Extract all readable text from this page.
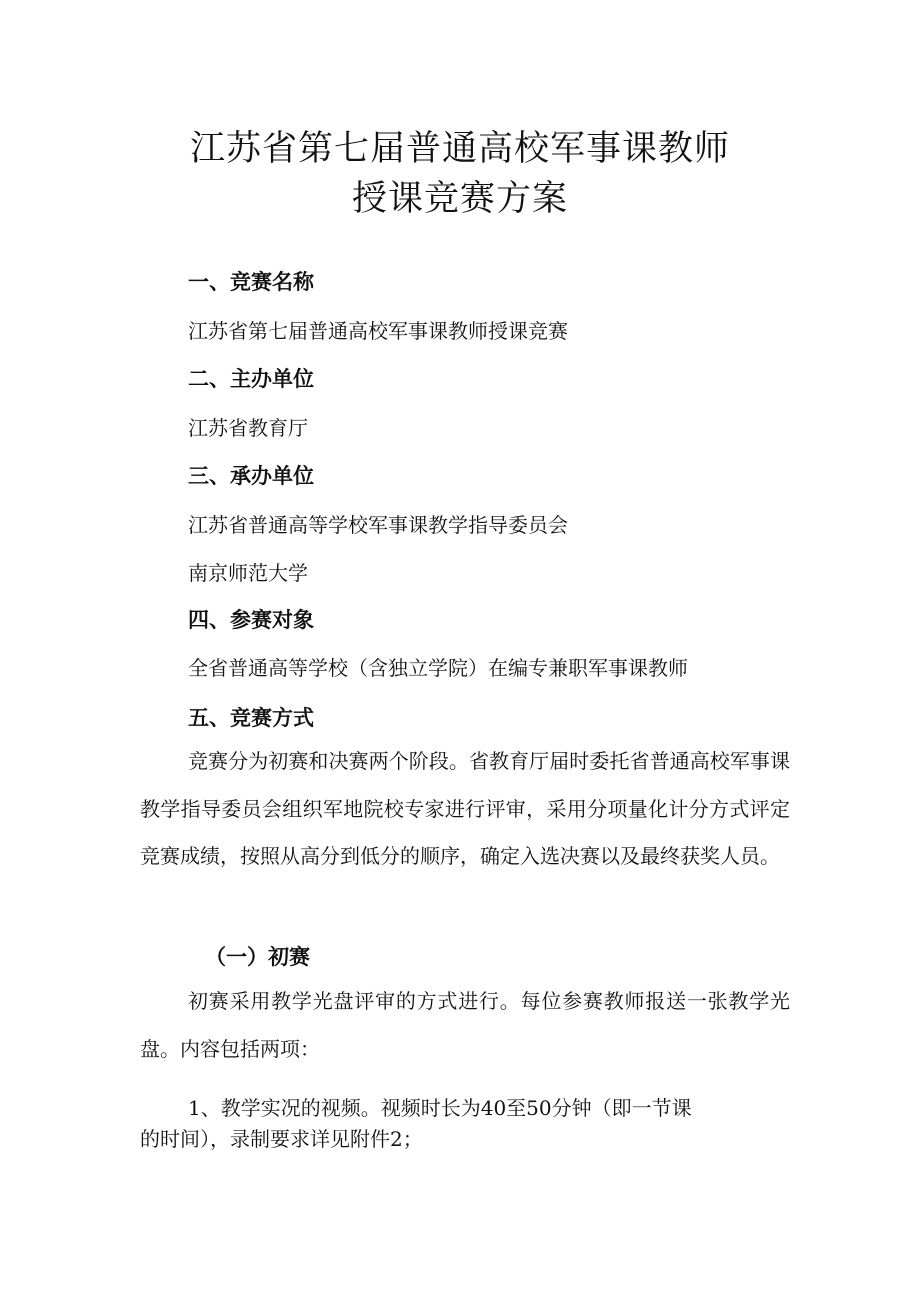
江苏省第七届普通高校军事课教师
授课竞赛方案
一、竞赛名称
江苏省第七届普通高校军事课教师授课竞赛
二、主办单位
江苏省教育厅
三、承办单位
江苏省普通高等学校军事课教学指导委员会
南京师范大学
四、参赛对象
全省普通高等学校（含独立学院）在编专兼职军事课教师
五、竞赛方式
竞赛分为初赛和决赛两个阶段。省教育厅届时委托省普通高校军事课教学指导委员会组织军地院校专家进行评审，采用分项量化计分方式评定竞赛成绩，按照从高分到低分的顺序，确定入选决赛以及最终获奖人员。
（一）初赛
初赛采用教学光盘评审的方式进行。每位参赛教师报送一张教学光盘。内容包括两项：
1、教学实况的视频。视频时长为40至50分钟（即一节课的时间），录制要求详见附件2；
